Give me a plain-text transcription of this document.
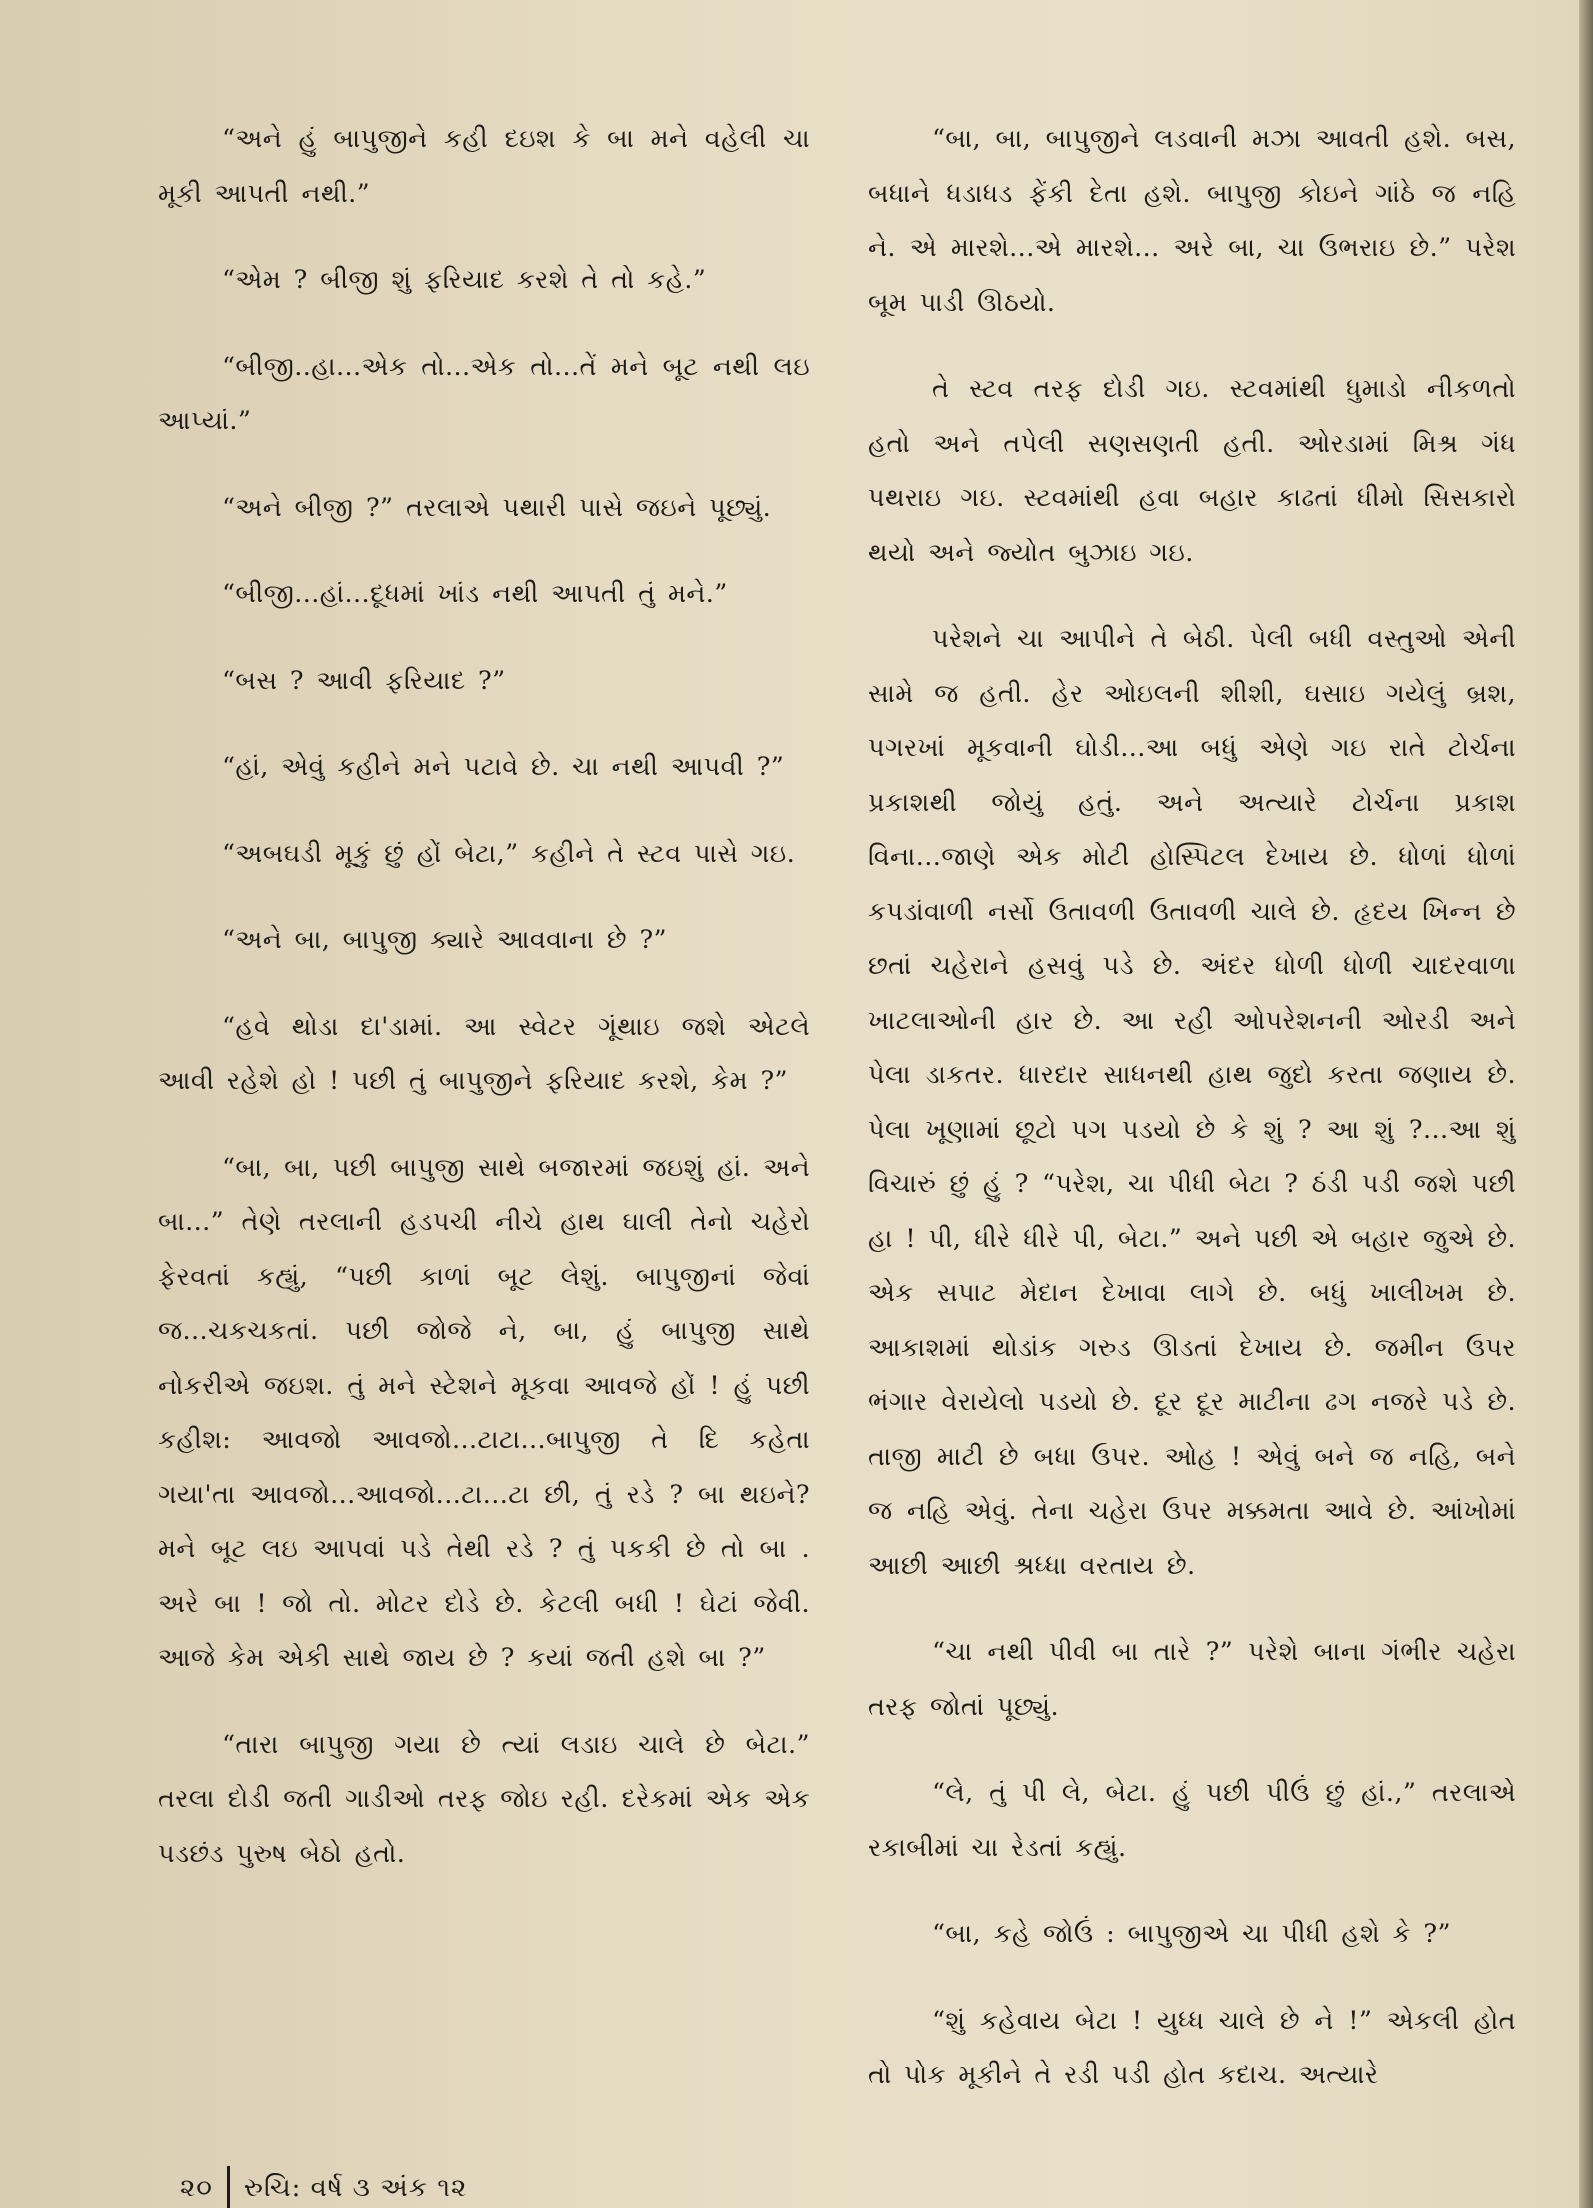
“અને હું બાપુજીને કહી દઇશ કે બા મને વહેલી ચા મૂકી આપતી નથી.”

“એમ ? બીજી શું ફરિયાદ કરશે તે તો કહે.”

“બીજી..હા...એક તો...એક તો...તેં મને બૂટ નથી લઇ આપ્યાં.”

“અને બીજી ?” તરલાએ પથારી પાસે જઇને પૂછ્યું.

“બીજી...હાં...દૂધમાં ખાંડ નથી આપતી તું મને.”

“બસ ? આવી ફરિયાદ ?”

“હાં, એવું કહીને મને પટાવે છે. ચા નથી આપવી ?”

“અબઘડી મૂકું છું હોં બેટા,” કહીને તે સ્ટવ પાસે ગઇ.

“અને બા, બાપુજી ક્યારે આવવાના છે ?”

“હવે થોડા દા'ડામાં. આ સ્વેટર ગૂંથાઇ જશે એટલે આવી રહેશે હો ! પછી તું બાપુજીને ફરિયાદ કરશે, કેમ ?”

“બા, બા, પછી બાપુજી સાથે બજારમાં જઇશું હાં. અને બા...” તેણે તરલાની હડપચી નીચે હાથ ઘાલી તેનો ચહેરો ફેરવતાં કહ્યું, “પછી કાળાં બૂટ લેશું. બાપુજીનાં જેવાં જ...ચકચકતાં. પછી જોજે ને, બા, હું બાપુજી સાથે નોકરીએ જઇશ. તું મને સ્ટેશને મૂકવા આવજે હોં ! હું પછી કહીશ: આવજો આવજો...ટાટા...બાપુજી તે દિ કહેતા ગયા'તા આવજો...આવજો...ટા...ટા છી, તું રડે ? બા થઇને? મને બૂટ લઇ આપવાં પડે તેથી રડે ? તું પકકી છે તો બા . અરે બા ! જો તો. મોટર દોડે છે. કેટલી બધી ! ઘેટાં જેવી. આજે કેમ એકી સાથે જાય છે ? કયાં જતી હશે બા ?”

“તારા બાપુજી ગયા છે ત્યાં લડાઇ ચાલે છે બેટા.” તરલા દોડી જતી ગાડીઓ તરફ જોઇ રહી. દરેકમાં એક એક પડછંડ પુરુષ બેઠો હતો.

“બા, બા, બાપુજીને લડવાની મઝા આવતી હશે. બસ, બધાને ધડાધડ ફેંકી દેતા હશે. બાપુજી કોઇને ગાંઠે જ નહિ ને. એ મારશે...એ મારશે... અરે બા, ચા ઉભરાઇ છે.” પરેશ બૂમ પાડી ઊઠયો.

તે સ્ટવ તરફ દોડી ગઇ. સ્ટવમાંથી ધુમાડો નીકળતો હતો અને તપેલી સણસણતી હતી. ઓરડામાં મિશ્ર ગંધ પથરાઇ ગઇ. સ્ટવમાંથી હવા બહાર કાઢતાં ધીમો સિસકારો થયો અને જ્યોત બુઝાઇ ગઇ.

પરેશને ચા આપીને તે બેઠી. પેલી બધી વસ્તુઓ એની સામે જ હતી. હેર ઓઇલની શીશી, ઘસાઇ ગયેલું બ્રશ, પગરખાં મૂકવાની ઘોડી...આ બધું એણે ગઇ રાતે ટોર્ચના પ્રકાશથી જોયું હતું. અને અત્યારે ટોર્ચના પ્રકાશ વિના...જાણે એક મોટી હોસ્પિટલ દેખાય છે. ધોળાં ધોળાં કપડાંવાળી નર્સો ઉતાવળી ઉતાવળી ચાલે છે. હૃદય ખિન્ન છે છતાં ચહેરાને હસવું પડે છે. અંદર ધોળી ધોળી ચાદરવાળા ખાટલાઓની હાર છે. આ રહી ઓપરેશનની ઓરડી અને પેલા ડાકતર. ધારદાર સાધનથી હાથ જુદો કરતા જણાય છે. પેલા ખૂણામાં છૂટો પગ પડયો છે કે શું ? આ શું ?...આ શું વિચારું છું હું ? “પરેશ, ચા પીધી બેટા ? ઠંડી પડી જશે પછી હા ! પી, ધીરે ધીરે પી, બેટા.” અને પછી એ બહાર જુએ છે. એક સપાટ મેદાન દેખાવા લાગે છે. બધું ખાલીખમ છે. આકાશમાં થોડાંક ગરુડ ઊડતાં દેખાય છે. જમીન ઉપર ભંગાર વેરાયેલો પડયો છે. દૂર દૂર માટીના ઢગ નજરે પડે છે. તાજી માટી છે બધા ઉપર. ઓહ ! એવું બને જ નહિ, બને જ નહિ એવું. તેના ચહેરા ઉપર મક્કમતા આવે છે. આંખોમાં આછી આછી શ્રધ્ધા વરતાય છે.

“ચા નથી પીવી બા તારે ?” પરેશે બાના ગંભીર ચહેરા તરફ જોતાં પૂછ્યું.

“લે, તું પી લે, બેટા. હું પછી પીઉં છું હાં.,” તરલાએ રકાબીમાં ચા રેડતાં કહ્યું.

“બા, કહે જોઉં : બાપુજીએ ચા પીધી હશે કે ?”

“શું કહેવાય બેટા ! યુધ્ધ ચાલે છે ને !” એકલી હોત તો પોક મૂકીને તે રડી પડી હોત કદાચ. અત્યારે

૨૦ રુચિ: વર્ષ ૩ અંક ૧૨
